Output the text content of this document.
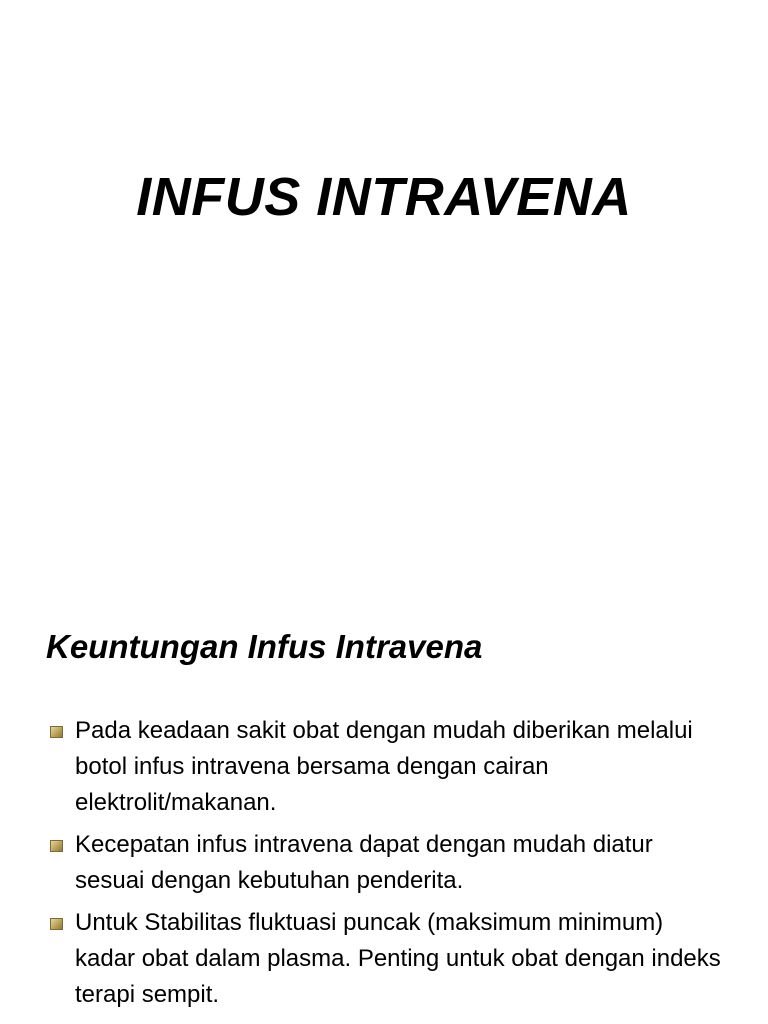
INFUS INTRAVENA
Keuntungan Infus Intravena
Pada keadaan sakit obat dengan mudah diberikan melalui botol infus intravena bersama dengan cairan elektrolit/makanan.
Kecepatan infus intravena dapat dengan mudah diatur sesuai dengan kebutuhan penderita.
Untuk Stabilitas fluktuasi puncak (maksimum minimum) kadar obat dalam plasma. Penting untuk obat dengan indeks terapi sempit.
